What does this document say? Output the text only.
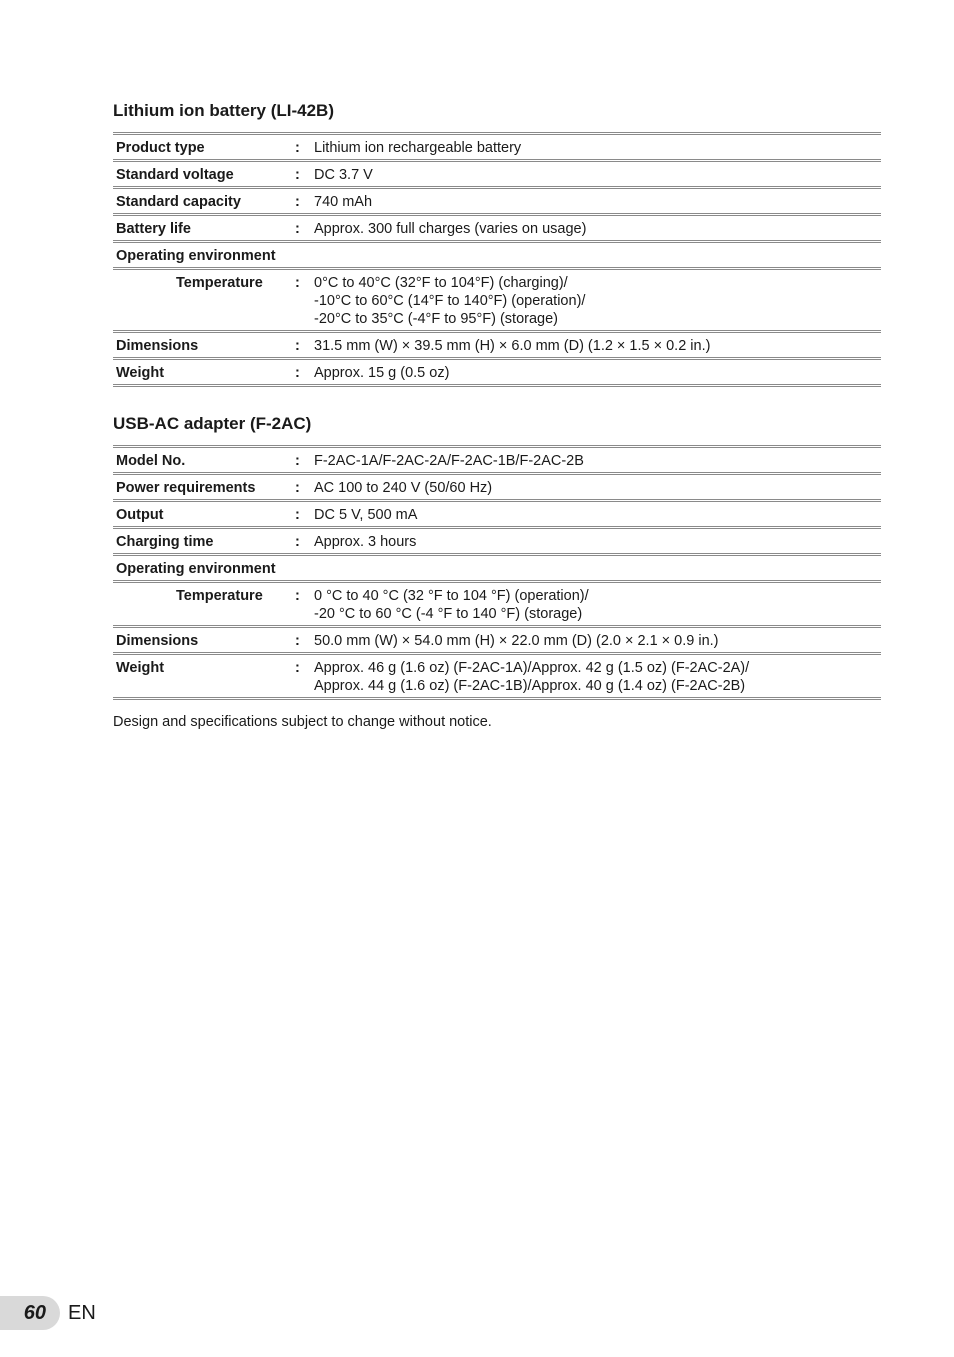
Lithium ion battery (LI-42B)
Product type	: Lithium ion rechargeable battery
Standard voltage	: DC 3.7 V
Standard capacity	: 740 mAh
Battery life	: Approx. 300 full charges (varies on usage)
Operating environment
Temperature	: 0°C to 40°C (32°F to 104°F) (charging)/
-10°C to 60°C (14°F to 140°F) (operation)/
-20°C to 35°C (-4°F to 95°F) (storage)
Dimensions	: 31.5 mm (W) × 39.5 mm (H) × 6.0 mm (D) (1.2 × 1.5 × 0.2 in.)
Weight	: Approx. 15 g (0.5 oz)
USB-AC adapter (F-2AC)
Model No.	: F-2AC-1A/F-2AC-2A/F-2AC-1B/F-2AC-2B
Power requirements	: AC 100 to 240 V (50/60 Hz)
Output	: DC 5 V, 500 mA
Charging time	: Approx. 3 hours
Operating environment
Temperature	: 0 °C to 40 °C (32 °F to 104 °F) (operation)/
-20 °C to 60 °C (-4 °F to 140 °F) (storage)
Dimensions	: 50.0 mm (W) × 54.0 mm (H) × 22.0 mm (D) (2.0 × 2.1 × 0.9 in.)
Weight	: Approx. 46 g (1.6 oz) (F-2AC-1A)/Approx. 42 g (1.5 oz) (F-2AC-2A)/
Approx. 44 g (1.6 oz) (F-2AC-1B)/Approx. 40 g (1.4 oz) (F-2AC-2B)
Design and specifications subject to change without notice.
60	EN
